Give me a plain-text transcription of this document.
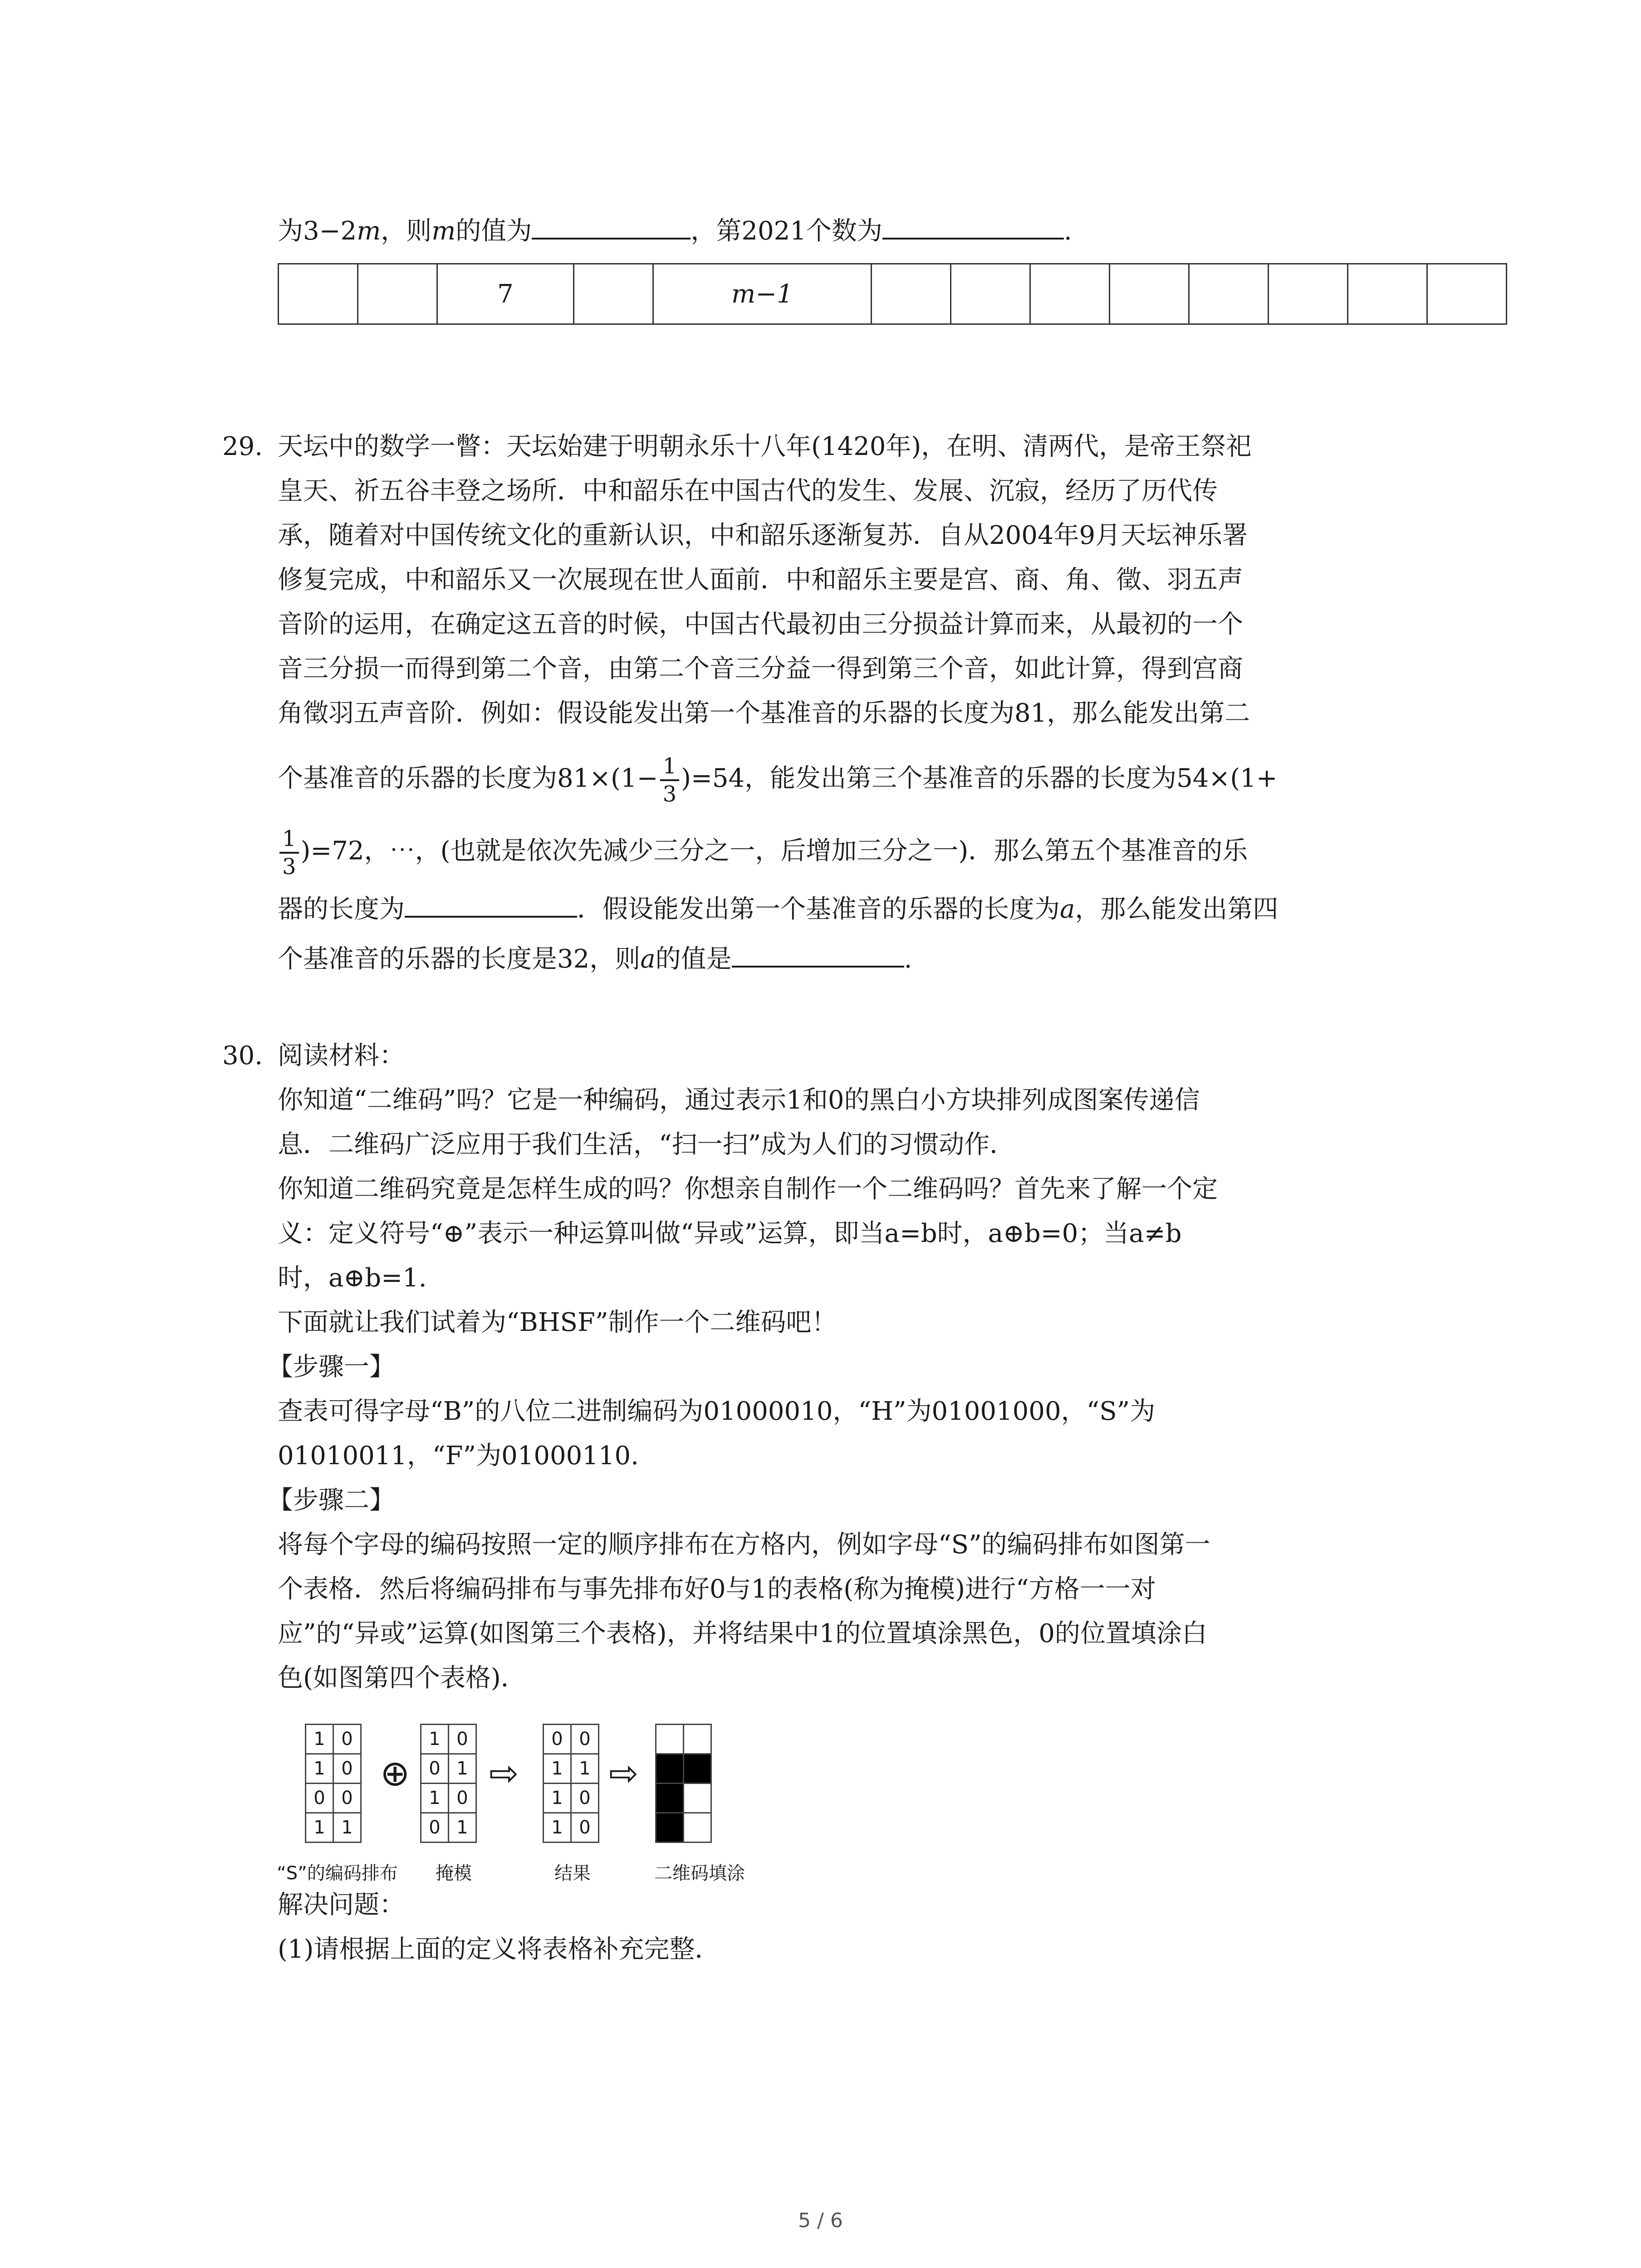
为3−2m，则m的值为	，第2021个数为	.
		7		m−1								
29. 天坛中的数学一瞥：天坛始建于明朝永乐十八年(1420年)，在明、清两代，是帝王祭祀
皇天、祈五谷丰登之场所．中和韶乐在中国古代的发生、发展、沉寂，经历了历代传
承，随着对中国传统文化的重新认识，中和韶乐逐渐复苏．自从2004年9月天坛神乐署
修复完成，中和韶乐又一次展现在世人面前．中和韶乐主要是宫、商、角、徵、羽五声
音阶的运用，在确定这五音的时候，中国古代最初由三分损益计算而来，从最初的一个
音三分损一而得到第二个音，由第二个音三分益一得到第三个音，如此计算，得到宫商
角徵羽五声音阶．例如：假设能发出第一个基准音的乐器的长度为81，那么能发出第二
个基准音的乐器的长度为$81\times(1- \frac{1}{3} )=54$，能发出第三个基准音的乐器的长度为54×(1+
$\frac{1}{3} )=72$，⋯，(也就是依次先减少三分之一，后增加三分之一)．那么第五个基准音的乐
器的长度为	．假设能发出第一个基准音的乐器的长度为a，那么能发出第四
个基准音的乐器的长度是32，则a的值是	.
30. 阅读材料：
你知道“二维码”吗？它是一种编码，通过表示1和0的黑白小方块排列成图案传递信
息．二维码广泛应用于我们生活，“扫一扫”成为人们的习惯动作．
你知道二维码究竟是怎样生成的吗？你想亲自制作一个二维码吗？首先来了解一个定
义：定义符号“⊕”表示一种运算叫做“异或”运算，即当a=b时，a⊕b=0；当a≠b
时，a⊕b=1.
下面就让我们试着为“BHSF”制作一个二维码吧！
【步骤一】
查表可得字母“B”的八位二进制编码为01000010，“H”为01001000，“S”为
01010011，“F”为01000110.
【步骤二】
将每个字母的编码按照一定的顺序排布在方格内，例如字母“S”的编码排布如图第一
个表格．然后将编码排布与事先排布好0与1的表格(称为掩模)进行“方格一一对
应”的“异或”运算(如图第三个表格)，并将结果中1的位置填涂黑色，0的位置填涂白
色(如图第四个表格)．
1	0
1	0
0	0
1	1
⊕
1	0
0	1
1	0
0	1
⇨
0	0
1	1
1	0
1	0
⇨

“S”的编码排布 掩模	结果	二维码填涂
解决问题：
(1)请根据上面的定义将表格补充完整．
5 / 6
